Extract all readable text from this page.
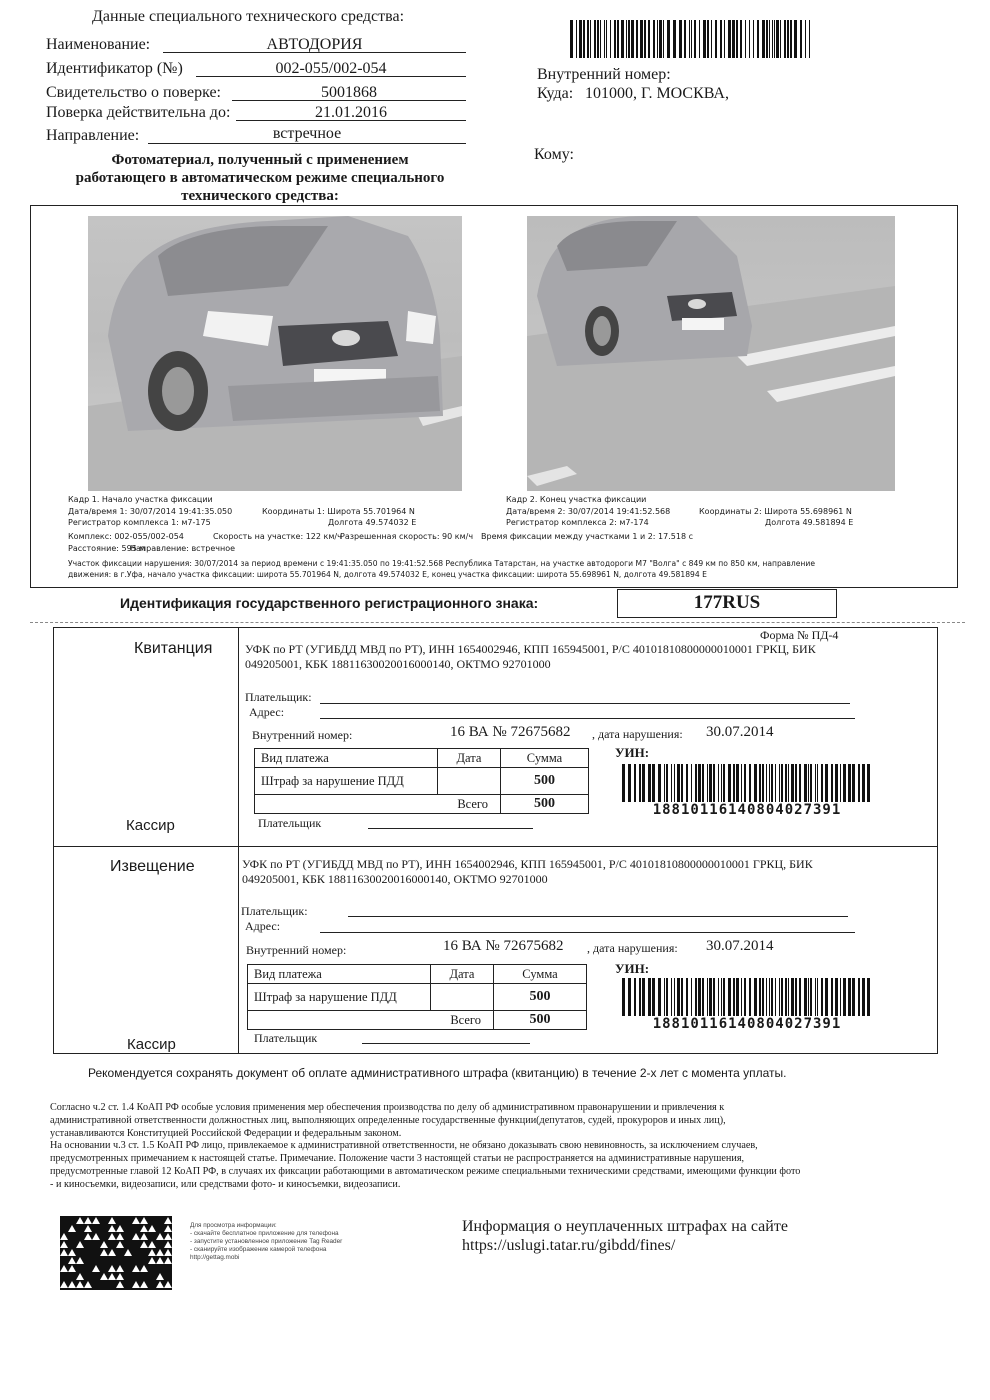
Данные специального технического средства:
Наименование:	АВТОДОРИЯ
Идентификатор (№)	002-055/002-054
Свидетельство о поверке:	5001868
Поверка действительна до:	21.01.2016
Направление:	встречное
Фотоматериал, полученный с применением
работающего в автоматическом режиме специального
технического средства:
Внутренний номер:
Куда: 101000, Г. МОСКВА,
Кому:
Кадр 1. Начало участка фиксации
Дата/время 1: 30/07/2014 19:41:35.050	Координаты 1: Широта 55.701964 N
Регистратор комплекса 1: м7-175	Долгота 49.574032 E
Кадр 2. Конец участка фиксации
Дата/время 2: 30/07/2014 19:41:52.568	Координаты 2: Широта 55.698961 N
Регистратор комплекса 2: м7-174	Долгота 49.581894 E
Комплекс: 002-055/002-054	Скорость на участке: 122 км/ч
Разрешенная скорость: 90 км/ч Время фиксации между участками 1 и 2: 17.518 с
Расстояние: 595 м
Направление: встречное
Участок фиксации нарушения: 30/07/2014 за период времени с 19:41:35.050 по 19:41:52.568 Республика Татарстан, на участке автодороги М7 "Волга" с 849 км по 850 км, направление
движения: в г.Уфа, начало участка фиксации: широта 55.701964 N, долгота 49.574032 E, конец участка фиксации: широта 55.698961 N, долгота 49.581894 E
Идентификация государственного регистрационного знака:	177RUS
Квитанция
Кассир
Форма № ПД-4
УФК по РТ (УГИБДД МВД по РТ), ИНН 1654002946, КПП 165945001, Р/С 40101810800000010001 ГРКЦ, БИК
049205001, КБК 18811630020016000140, ОКТМО 92701000
Плательщик:
Адрес:
Внутренний номер:	16 ВА № 72675682 , дата нарушения: 30.07.2014
Вид платежа	Дата	Сумма
Штраф за нарушение ПДД		500
Всего		500
УИН:
18810116140804027391
Плательщик
Извещение
Кассир
УФК по РТ (УГИБДД МВД по РТ), ИНН 1654002946, КПП 165945001, Р/С 40101810800000010001 ГРКЦ, БИК
049205001, КБК 18811630020016000140, ОКТМО 92701000
Плательщик:
Адрес:
Внутренний номер:	16 ВА № 72675682 , дата нарушения: 30.07.2014
Вид платежа	Дата	Сумма
Штраф за нарушение ПДД		500
Всего		500
УИН:
18810116140804027391
Плательщик
Рекомендуется сохранять документ об оплате административного штрафа (квитанцию) в течение 2-х лет с момента уплаты.
Согласно ч.2 ст. 1.4 КоАП РФ особые условия применения мер обеспечения производства по делу об административном правонарушении и привлечения к
административной ответственности должностных лиц, выполняющих определенные государственные функции(депутатов, судей, прокуроров и иных лиц),
устанавливаются Конституцией Российской Федерации и федеральным законом.
На основании ч.3 ст. 1.5 КоАП РФ лицо, привлекаемое к административной ответственности, не обязано доказывать свою невиновность, за исключением случаев,
предусмотренных примечанием к настоящей статье. Примечание. Положение части 3 настоящей статьи не распространяется на административные нарушения,
предусмотренные главой 12 КоАП РФ, в случаях их фиксации работающими в автоматическом режиме специальными техническими средствами, имеющими функции фото
- и киносъемки, видеозаписи, или средствами фото- и киносъемки, видеозаписи.
Для просмотра информации:
- скачайте бесплатное приложение для телефона
- запустите установленное приложение Tag Reader
- сканируйте изображение камерой телефона
http://gettag.mobi
Информация о неуплаченных штрафах на сайте
https://uslugi.tatar.ru/gibdd/fines/
